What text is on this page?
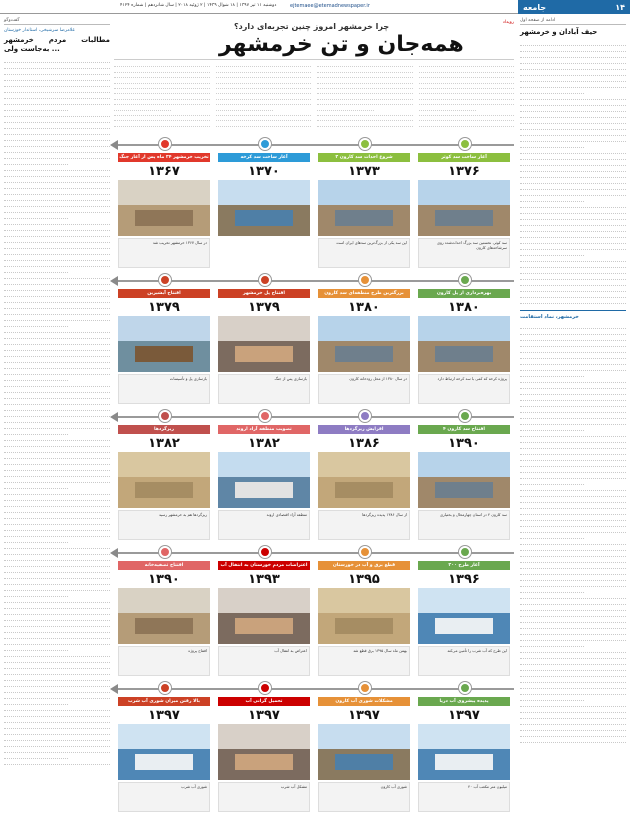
دوشنبه ۱۱ تیر ۱۳۹۷ | ۱۸ شوال ۱۴۳۹ | ۲ ژوئیه ۲۰۱۸ | سال شانزدهم | شماره ۴۱۲۴	ejtemaee@etemadnewspaper.ir	جامعه	۱۴
گفت‌وگو
غلامرضا سرشیخی، استاندار خوزستان
مطالبات مردم خرمشهر به‌جاست ولی ...
ادامه از صفحه اول
حیف آبادان و خرمشهر
خرمشهر، نماد استقامت
رویداد
چرا خرمشهر امروز چنین تجربه‌ای دارد؟
همه‌جان و تن خرمشهر
آغاز ساخت سد کوثر
۱۳۷۶
سد کوثر، نخستین سد بزرگ احداث‌شده روی سرشاخه‌های کارون
شروع احداث سد کارون ۳
۱۳۷۳
این سد یکی از بزرگ‌ترین سدهای ایران است
آغاز ساخت سد کرخه
۱۳۷۰
تخریب خرمشهر ۳۴ ماه پس از آغاز جنگ
۱۳۶۷
در سال ۱۳۶۷ خرمشهر تخریب شد
بهره‌برداری از پل کارون
۱۳۸۰
پروژه کرخه که کمی با سد کرخه ارتباط دارد
بزرگترین طرح منطقه‌ای سد کارون
۱۳۸۰
در سال ۱۳۸۰ از محل رودخانه کارون
افتتاح پل خرمشهر
۱۳۷۹
بازسازی پس از جنگ
افتتاح آبشیرین
۱۳۷۹
بازسازی پل و تأسیسات
افتتاح سد کارون ۴
۱۳۹۰
سد کارون ۴ در استان چهارمحال و بختیاری
افزایش ریزگردها
۱۳۸۶
از سال ۱۳۸۶ پدیده ریزگردها
تصویب منطقه آزاد اروند
۱۳۸۲
منطقه آزاد اقتصادی اروند
ریزگردها
۱۳۸۲
ریزگردها هم به خرمشهر رسید
آغاز طرح ۲۰۰
۱۳۹۶
این طرح که آب شرب را تأمین می‌کند
قطع برق و آب در خوزستان
۱۳۹۵
بهمن ماه سال ۱۳۹۵ برق قطع شد
اعتراضات مردم خوزستان به انتقال آب
۱۳۹۳
اعتراض به انتقال آب
افتتاح تصفیه‌خانه
۱۳۹۰
افتتاح پروژه
پدیده پیشروی آب دریا
۱۳۹۷
۴۰ میلیون متر مکعب آب
مشکلات شوری آب کارون
۱۳۹۷
شوری آب کارون
تحمیل گرانی آب
۱۳۹۷
مشکل آب شرب
بالا رفتن میزان شوری آب شرب
۱۳۹۷
شوری آب شرب
